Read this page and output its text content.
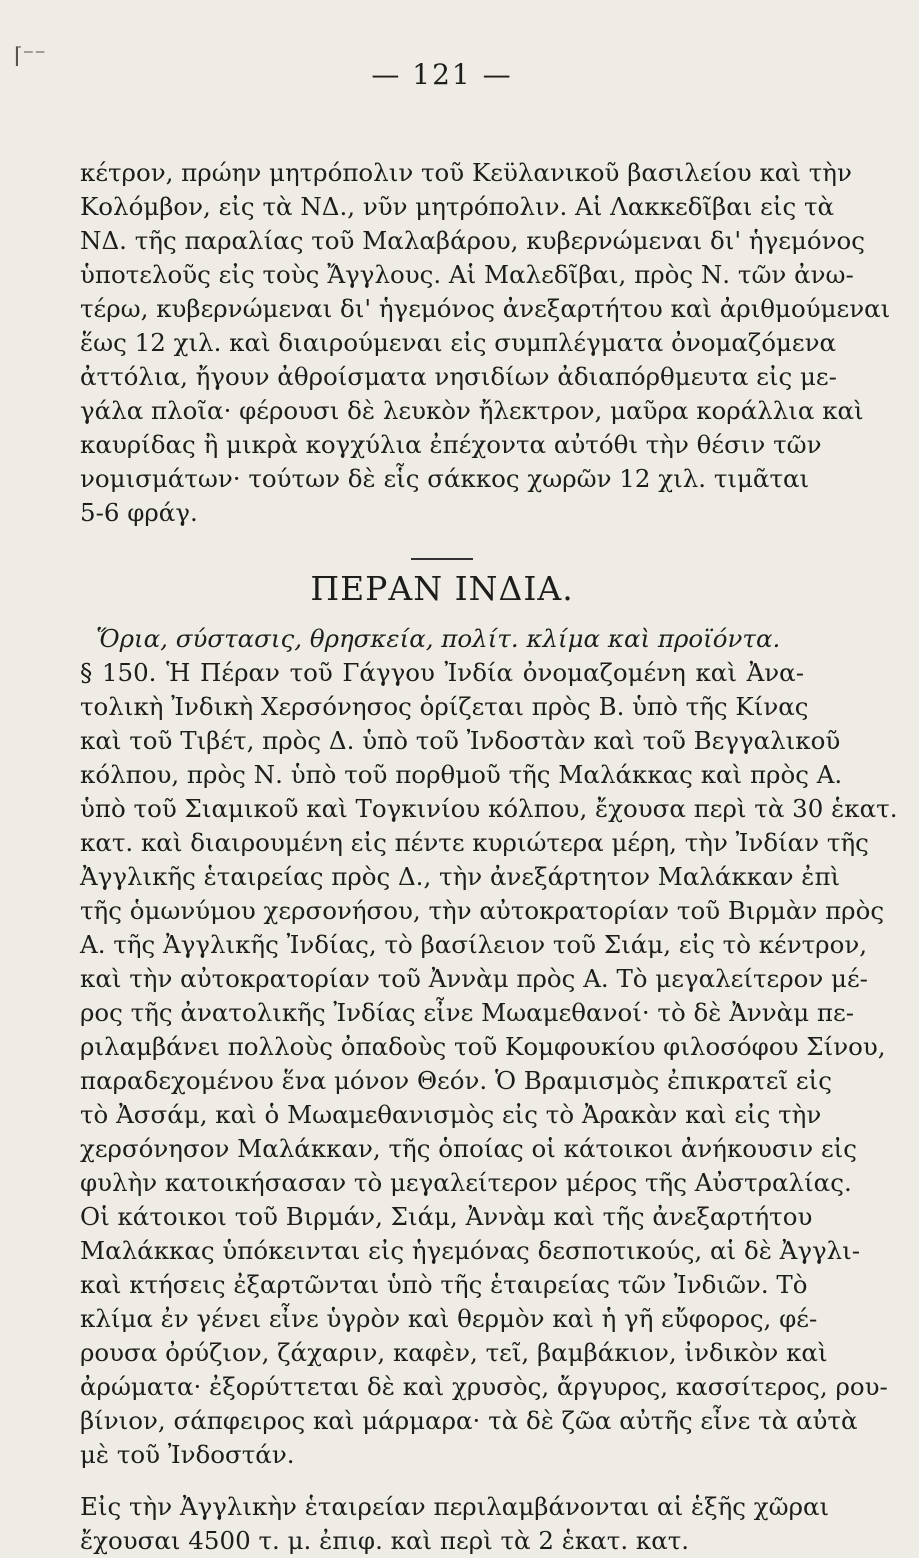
⌈⁻⁻
— 121 —

κέτρον, πρώην μητρόπολιν τοῦ Κεϋλανικοῦ βασιλείου καὶ τὴν
Κολόμβον, εἰς τὰ ΝΔ., νῦν μητρόπολιν. Αἱ Λακκεδῖβαι εἰς τὰ
ΝΔ. τῆς παραλίας τοῦ Μαλαβάρου, κυβερνώμεναι δι' ἡγεμόνος
ὑποτελοῦς εἰς τοὺς Ἄγγλους. Αἱ Μαλεδῖβαι, πρὸς Ν. τῶν ἀνω-
τέρω, κυβερνώμεναι δι' ἡγεμόνος ἀνεξαρτήτου καὶ ἀριθμούμεναι
ἕως 12 χιλ. καὶ διαιρούμεναι εἰς συμπλέγματα ὀνομαζόμενα
ἀττόλια, ἤγουν ἀθροίσματα νησιδίων ἀδιαπόρθμευτα εἰς με-
γάλα πλοῖα· φέρουσι δὲ λευκὸν ἤλεκτρον, μαῦρα κοράλλια καὶ
καυρίδας ἢ μικρὰ κογχύλια ἐπέχοντα αὐτόθι τὴν θέσιν τῶν
νομισμάτων· τούτων δὲ εἷς σάκκος χωρῶν 12 χιλ. τιμᾶται
5-6 φράγ.

ΠΕΡΑΝ ΙΝΔΙΑ.
Ὅρια, σύστασις, θρησκεία, πολίτ. κλίμα καὶ προϊόντα.

§ 150. Ἡ Πέραν τοῦ Γάγγου Ἰνδία ὀνομαζομένη καὶ Ἀνα-
τολικὴ Ἰνδικὴ Χερσόνησος ὁρίζεται πρὸς Β. ὑπὸ τῆς Κίνας
καὶ τοῦ Τιβέτ, πρὸς Δ. ὑπὸ τοῦ Ἰνδοστὰν καὶ τοῦ Βεγγαλικοῦ
κόλπου, πρὸς Ν. ὑπὸ τοῦ πορθμοῦ τῆς Μαλάκκας καὶ πρὸς Α.
ὑπὸ τοῦ Σιαμικοῦ καὶ Τογκινίου κόλπου, ἔχουσα περὶ τὰ 30 ἑκατ.
κατ. καὶ διαιρουμένη εἰς πέντε κυριώτερα μέρη, τὴν Ἰνδίαν τῆς
Ἀγγλικῆς ἑταιρείας πρὸς Δ., τὴν ἀνεξάρτητον Μαλάκκαν ἐπὶ
τῆς ὁμωνύμου χερσονήσου, τὴν αὐτοκρατορίαν τοῦ Βιρμὰν πρὸς
Α. τῆς Ἀγγλικῆς Ἰνδίας, τὸ βασίλειον τοῦ Σιάμ, εἰς τὸ κέντρον,
καὶ τὴν αὐτοκρατορίαν τοῦ Ἀννὰμ πρὸς Α. Τὸ μεγαλείτερον μέ-
ρος τῆς ἀνατολικῆς Ἰνδίας εἶνε Μωαμεθανοί· τὸ δὲ Ἀννὰμ πε-
ριλαμβάνει πολλοὺς ὀπαδοὺς τοῦ Κομφουκίου φιλοσόφου Σίνου,
παραδεχομένου ἕνα μόνον Θεόν. Ὁ Βραμισμὸς ἐπικρατεῖ εἰς
τὸ Ἀσσάμ, καὶ ὁ Μωαμεθανισμὸς εἰς τὸ Ἀρακὰν καὶ εἰς τὴν
χερσόνησον Μαλάκκαν, τῆς ὁποίας οἱ κάτοικοι ἀνήκουσιν εἰς
φυλὴν κατοικήσασαν τὸ μεγαλείτερον μέρος τῆς Αὐστραλίας.
Οἱ κάτοικοι τοῦ Βιρμάν, Σιάμ, Ἀννὰμ καὶ τῆς ἀνεξαρτήτου
Μαλάκκας ὑπόκεινται εἰς ἡγεμόνας δεσποτικούς, αἱ δὲ Ἀγγλι-
καὶ κτήσεις ἐξαρτῶνται ὑπὸ τῆς ἑταιρείας τῶν Ἰνδιῶν. Τὸ
κλίμα ἐν γένει εἶνε ὑγρὸν καὶ θερμὸν καὶ ἡ γῆ εὔφορος, φέ-
ρουσα ὀρύζιον, ζάχαριν, καφὲν, τεῖ, βαμβάκιον, ἰνδικὸν καὶ
ἀρώματα· ἐξορύττεται δὲ καὶ χρυσὸς, ἄργυρος, κασσίτερος, ρου-
βίνιον, σάπφειρος καὶ μάρμαρα· τὰ δὲ ζῶα αὐτῆς εἶνε τὰ αὐτὰ
μὲ τοῦ Ἰνδοστάν.

Εἰς τὴν Ἀγγλικὴν ἑταιρείαν περιλαμβάνονται αἱ ἑξῆς χῶραι
ἔχουσαι 4500 τ. μ. ἐπιφ. καὶ περὶ τὰ 2 ἑκατ. κατ.
